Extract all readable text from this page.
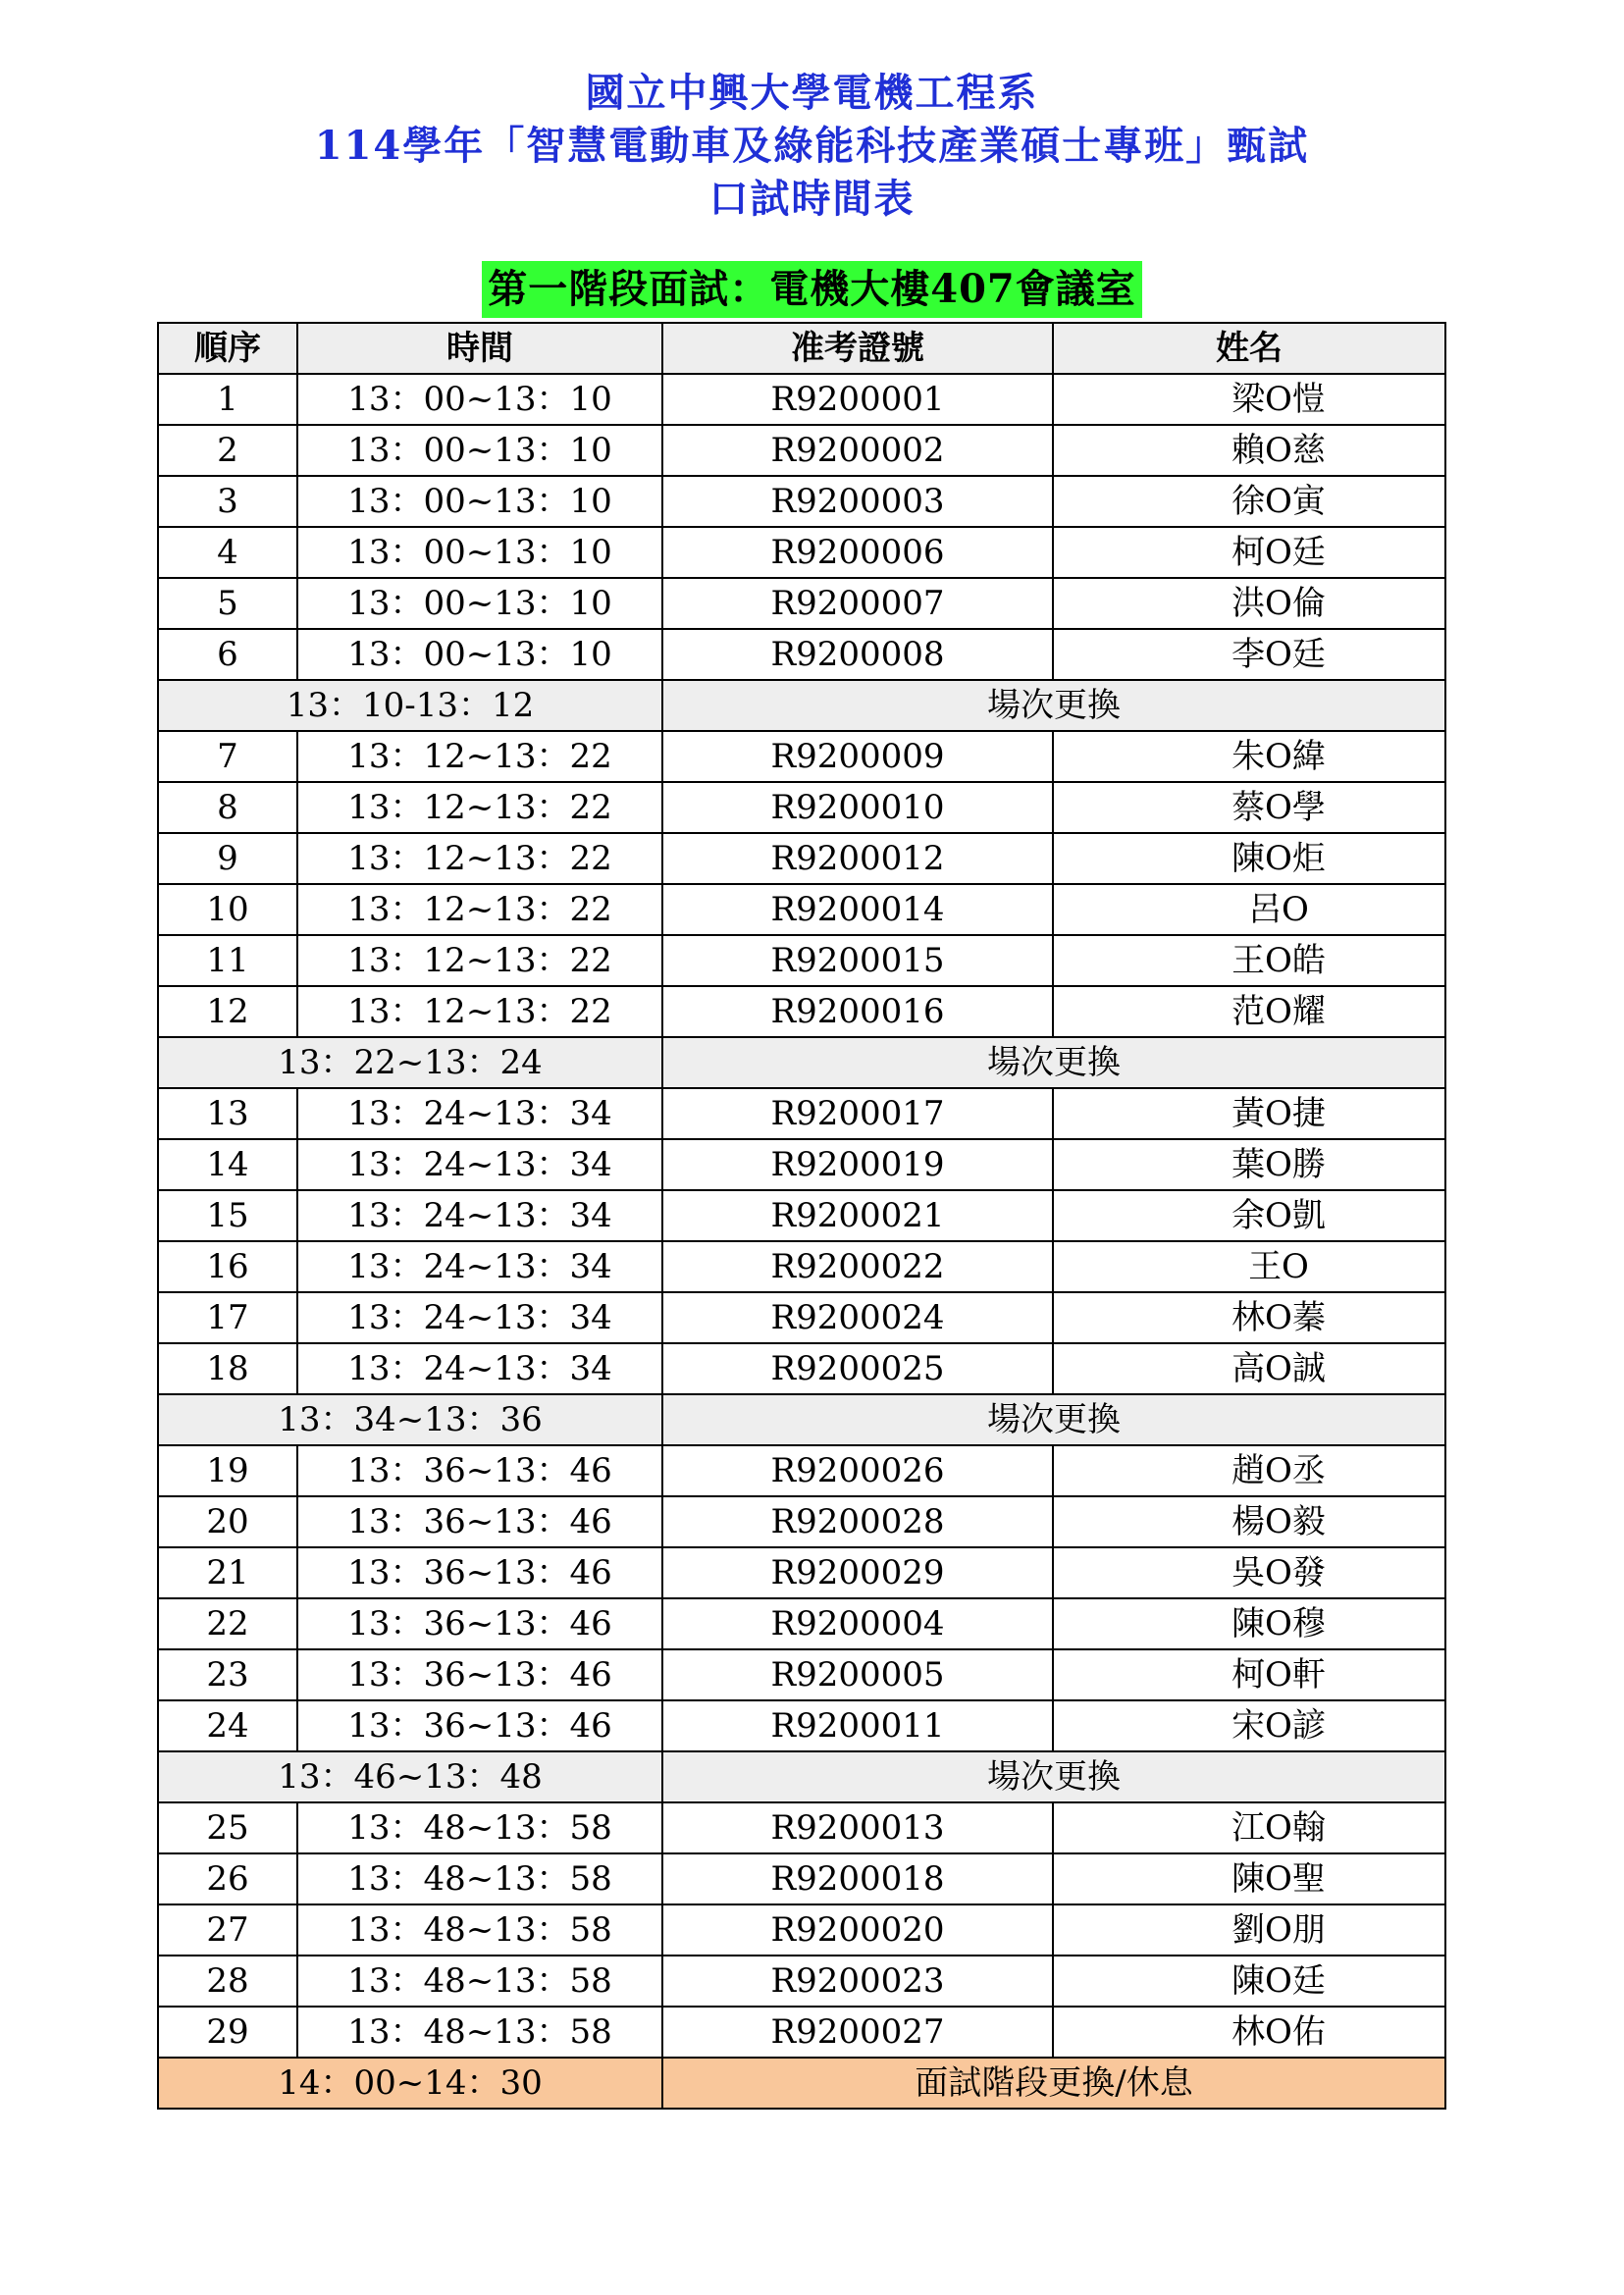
國立中興大學電機工程系
114學年「智慧電動車及綠能科技產業碩士專班」甄試
口試時間表
第一階段面試：電機大樓407會議室
順序	時間	准考證號	姓名
1	13：00~13：10	R9200001	梁O愷
2	13：00~13：10	R9200002	賴O慈
3	13：00~13：10	R9200003	徐O寅
4	13：00~13：10	R9200006	柯O廷
5	13：00~13：10	R9200007	洪O倫
6	13：00~13：10	R9200008	李O廷
13：10-13：12		場次更換	
7	13：12~13：22	R9200009	朱O緯
8	13：12~13：22	R9200010	蔡O學
9	13：12~13：22	R9200012	陳O炬
10	13：12~13：22	R9200014	呂O
11	13：12~13：22	R9200015	王O皓
12	13：12~13：22	R9200016	范O耀
13：22~13：24		場次更換	
13	13：24~13：34	R9200017	黃O捷
14	13：24~13：34	R9200019	葉O勝
15	13：24~13：34	R9200021	余O凱
16	13：24~13：34	R9200022	王O
17	13：24~13：34	R9200024	林O蓁
18	13：24~13：34	R9200025	高O誠
13：34~13：36		場次更換	
19	13：36~13：46	R9200026	趙O丞
20	13：36~13：46	R9200028	楊O毅
21	13：36~13：46	R9200029	吳O發
22	13：36~13：46	R9200004	陳O穆
23	13：36~13：46	R9200005	柯O軒
24	13：36~13：46	R9200011	宋O諺
13：46~13：48		場次更換	
25	13：48~13：58	R9200013	江O翰
26	13：48~13：58	R9200018	陳O聖
27	13：48~13：58	R9200020	劉O朋
28	13：48~13：58	R9200023	陳O廷
29	13：48~13：58	R9200027	林O佑
14：00~14：30		面試階段更換/休息	
